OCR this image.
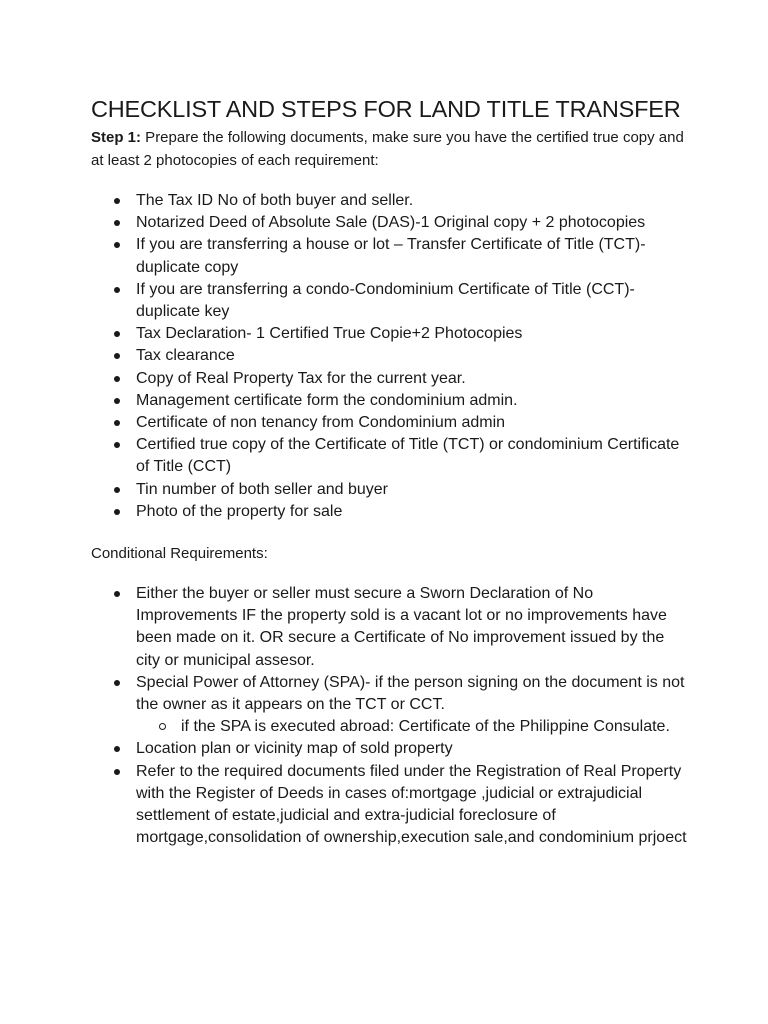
CHECKLIST AND STEPS FOR LAND TITLE TRANSFER

Step 1: Prepare the following documents, make sure you have the certified true copy and at least 2 photocopies of each requirement:

The Tax ID No of both buyer and seller.
Notarized Deed of Absolute Sale (DAS)-1 Original copy + 2 photocopies
If you are transferring a house or lot – Transfer Certificate of Title (TCT)- duplicate copy
If you are transferring a condo-Condominium Certificate of Title (CCT)- duplicate key
Tax Declaration- 1 Certified True Copie+2 Photocopies
Tax clearance
Copy of Real Property Tax for the current year.
Management certificate form the condominium admin.
Certificate of non tenancy from Condominium admin
Certified true copy of the Certificate of Title (TCT) or condominium Certificate of Title (CCT)
Tin number of both seller and buyer
Photo of the property for sale

Conditional Requirements:

Either the buyer or seller must secure a Sworn Declaration of No Improvements IF the property sold is a vacant lot or no improvements have been made on it. OR secure a Certificate of No improvement issued by the city or municipal assesor.
Special Power of Attorney (SPA)- if the person signing on the document is not the owner as it appears on the TCT or CCT.
if the SPA is executed abroad: Certificate of the Philippine Consulate.
Location plan or vicinity map of sold property
Refer to the required documents filed under the Registration of Real Property with the Register of Deeds in cases of:mortgage ,judicial or extrajudicial settlement of estate,judicial and extra-judicial foreclosure of mortgage,consolidation of ownership,execution sale,and condominium prjoect
